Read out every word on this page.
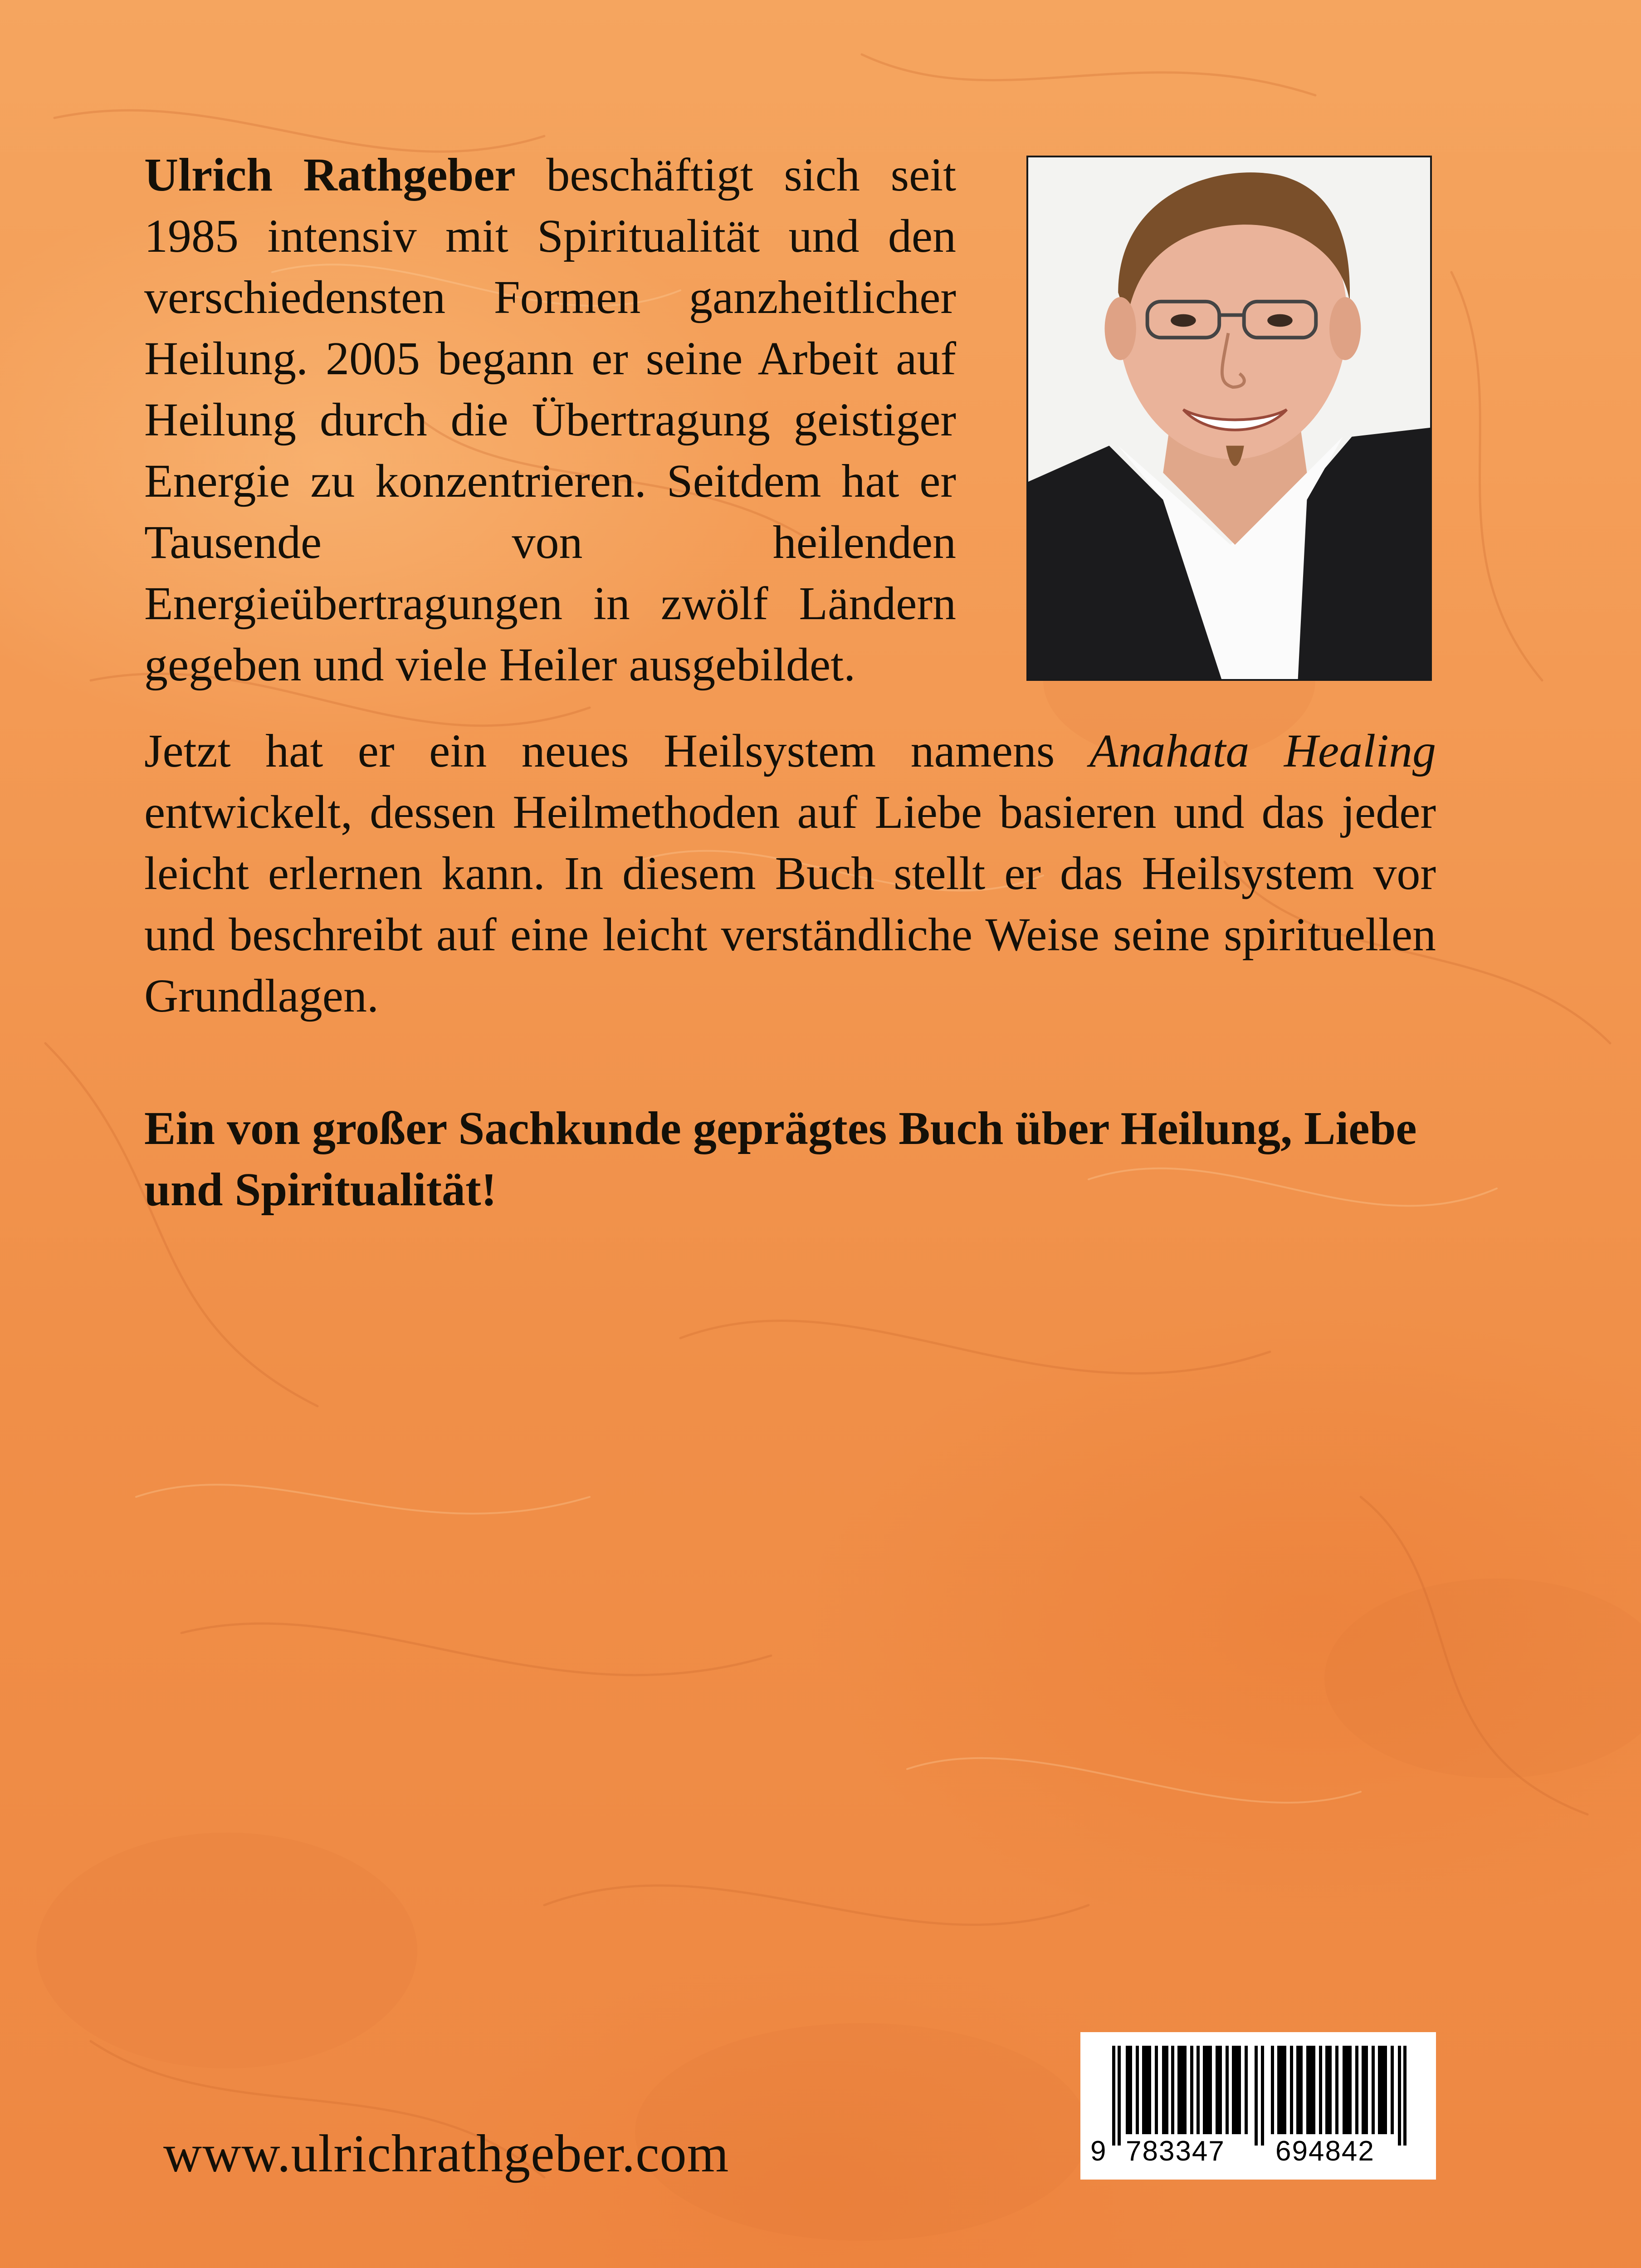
Ulrich Rathgeber beschäftigt sich seit 1985 intensiv mit Spiritualität und den verschiedensten Formen ganzheitlicher Heilung. 2005 begann er seine Arbeit auf Heilung durch die Übertragung geistiger Energie zu konzentrieren. Seitdem hat er Tausende von heilenden Energieübertragungen in zwölf Ländern gegeben und viele Heiler ausgebildet.

Jetzt hat er ein neues Heilsystem namens Anahata Healing entwickelt, dessen Heilmethoden auf Liebe basieren und das jeder leicht erlernen kann. In diesem Buch stellt er das Heilsystem vor und beschreibt auf eine leicht verständliche Weise seine spirituellen Grundlagen.

Ein von großer Sachkunde geprägtes Buch über Heilung, Liebe und Spiritualität!

www.ulrichrathgeber.com	9 783347 694842
